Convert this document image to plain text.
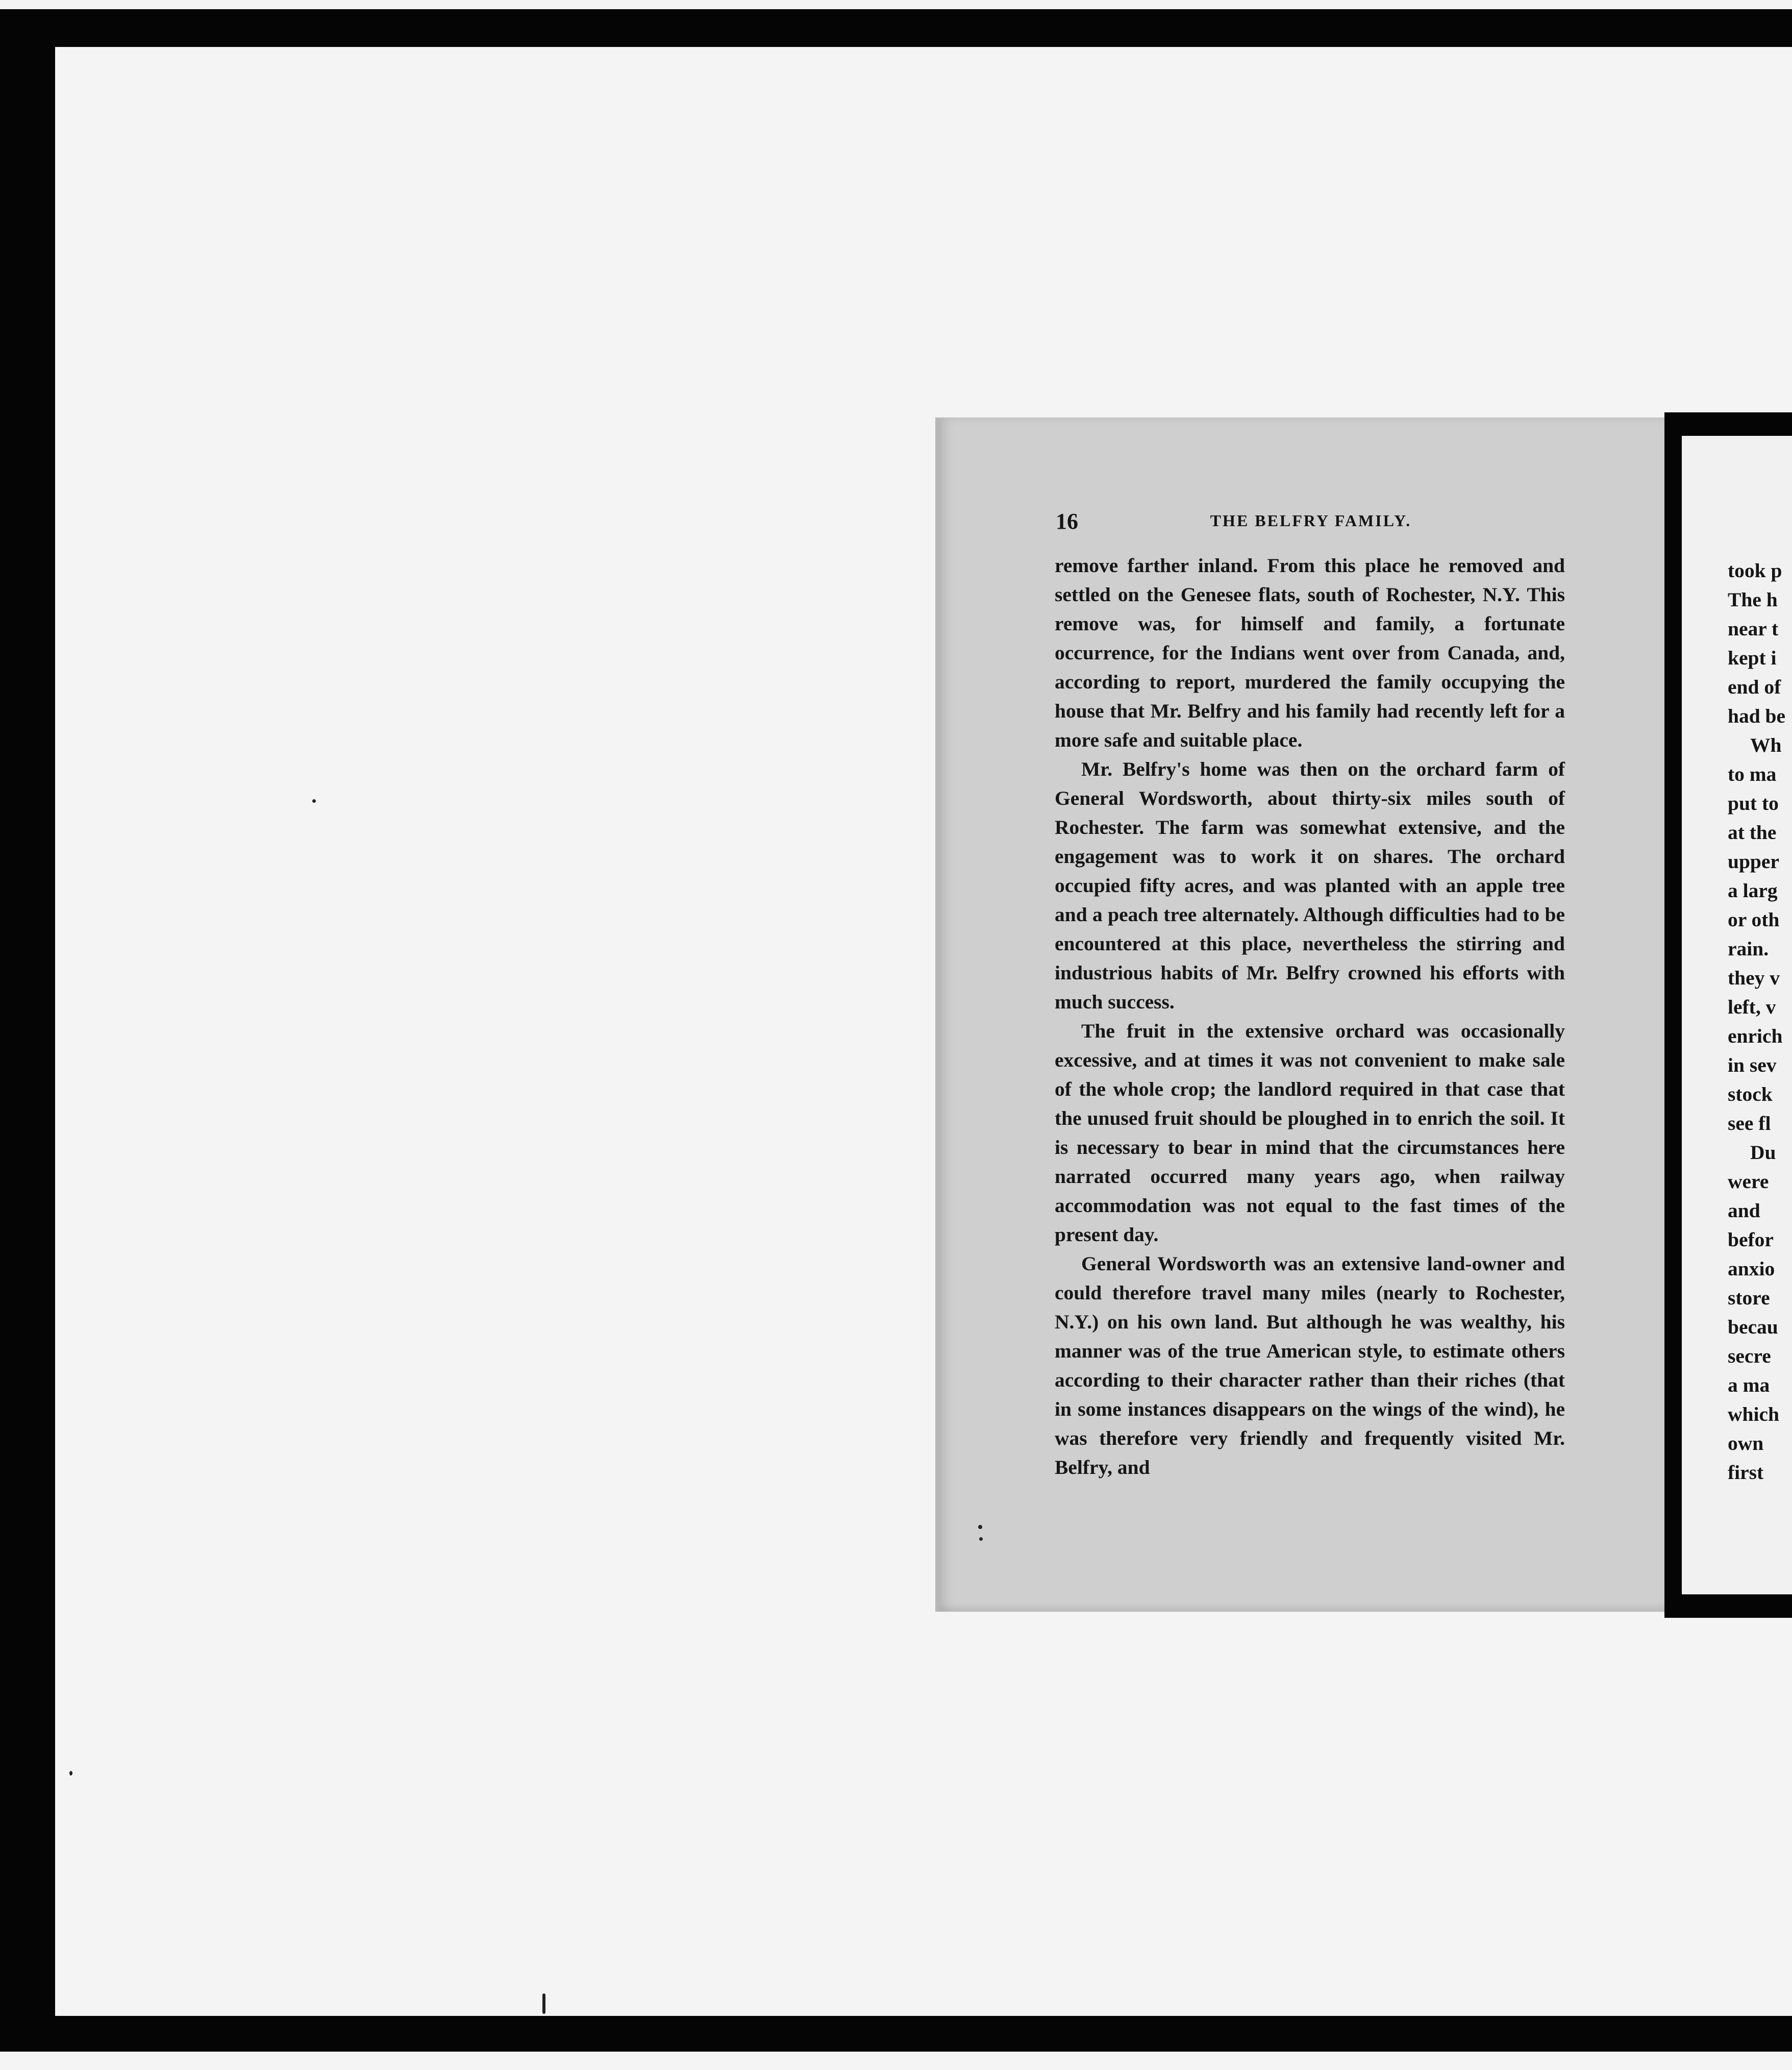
16	THE BELFRY FAMILY.

remove farther inland. From this place he removed and settled on the Genesee flats, south of Rochester, N.Y. This remove was, for himself and family, a fortunate occurrence, for the Indians went over from Canada, and, according to report, murdered the family occupying the house that Mr. Belfry and his family had recently left for a more safe and suitable place.

Mr. Belfry's home was then on the orchard farm of General Wordsworth, about thirty-six miles south of Rochester. The farm was somewhat extensive, and the engagement was to work it on shares. The orchard occupied fifty acres, and was planted with an apple tree and a peach tree alternately. Although difficulties had to be encountered at this place, nevertheless the stirring and industrious habits of Mr. Belfry crowned his efforts with much success.

The fruit in the extensive orchard was occasionally excessive, and at times it was not convenient to make sale of the whole crop; the landlord required in that case that the unused fruit should be ploughed in to enrich the soil. It is necessary to bear in mind that the circumstances here narrated occurred many years ago, when railway accommodation was not equal to the fast times of the present day.

General Wordsworth was an extensive land-owner and could therefore travel many miles (nearly to Rochester, N.Y.) on his own land. But although he was wealthy, his manner was of the true American style, to estimate others according to their character rather than their riches (that in some instances disappears on the wings of the wind), he was therefore very friendly and frequently visited Mr. Belfry, and

took p
The h
near t
kept i
end of
had be
Wh
to ma
put to
at the
upper
a larg
or oth
rain.
they v
left, v
enrich
in sev
stock
see fl
Du
were
and
befor
anxio
store
becau
secre
a ma
which
own
first
